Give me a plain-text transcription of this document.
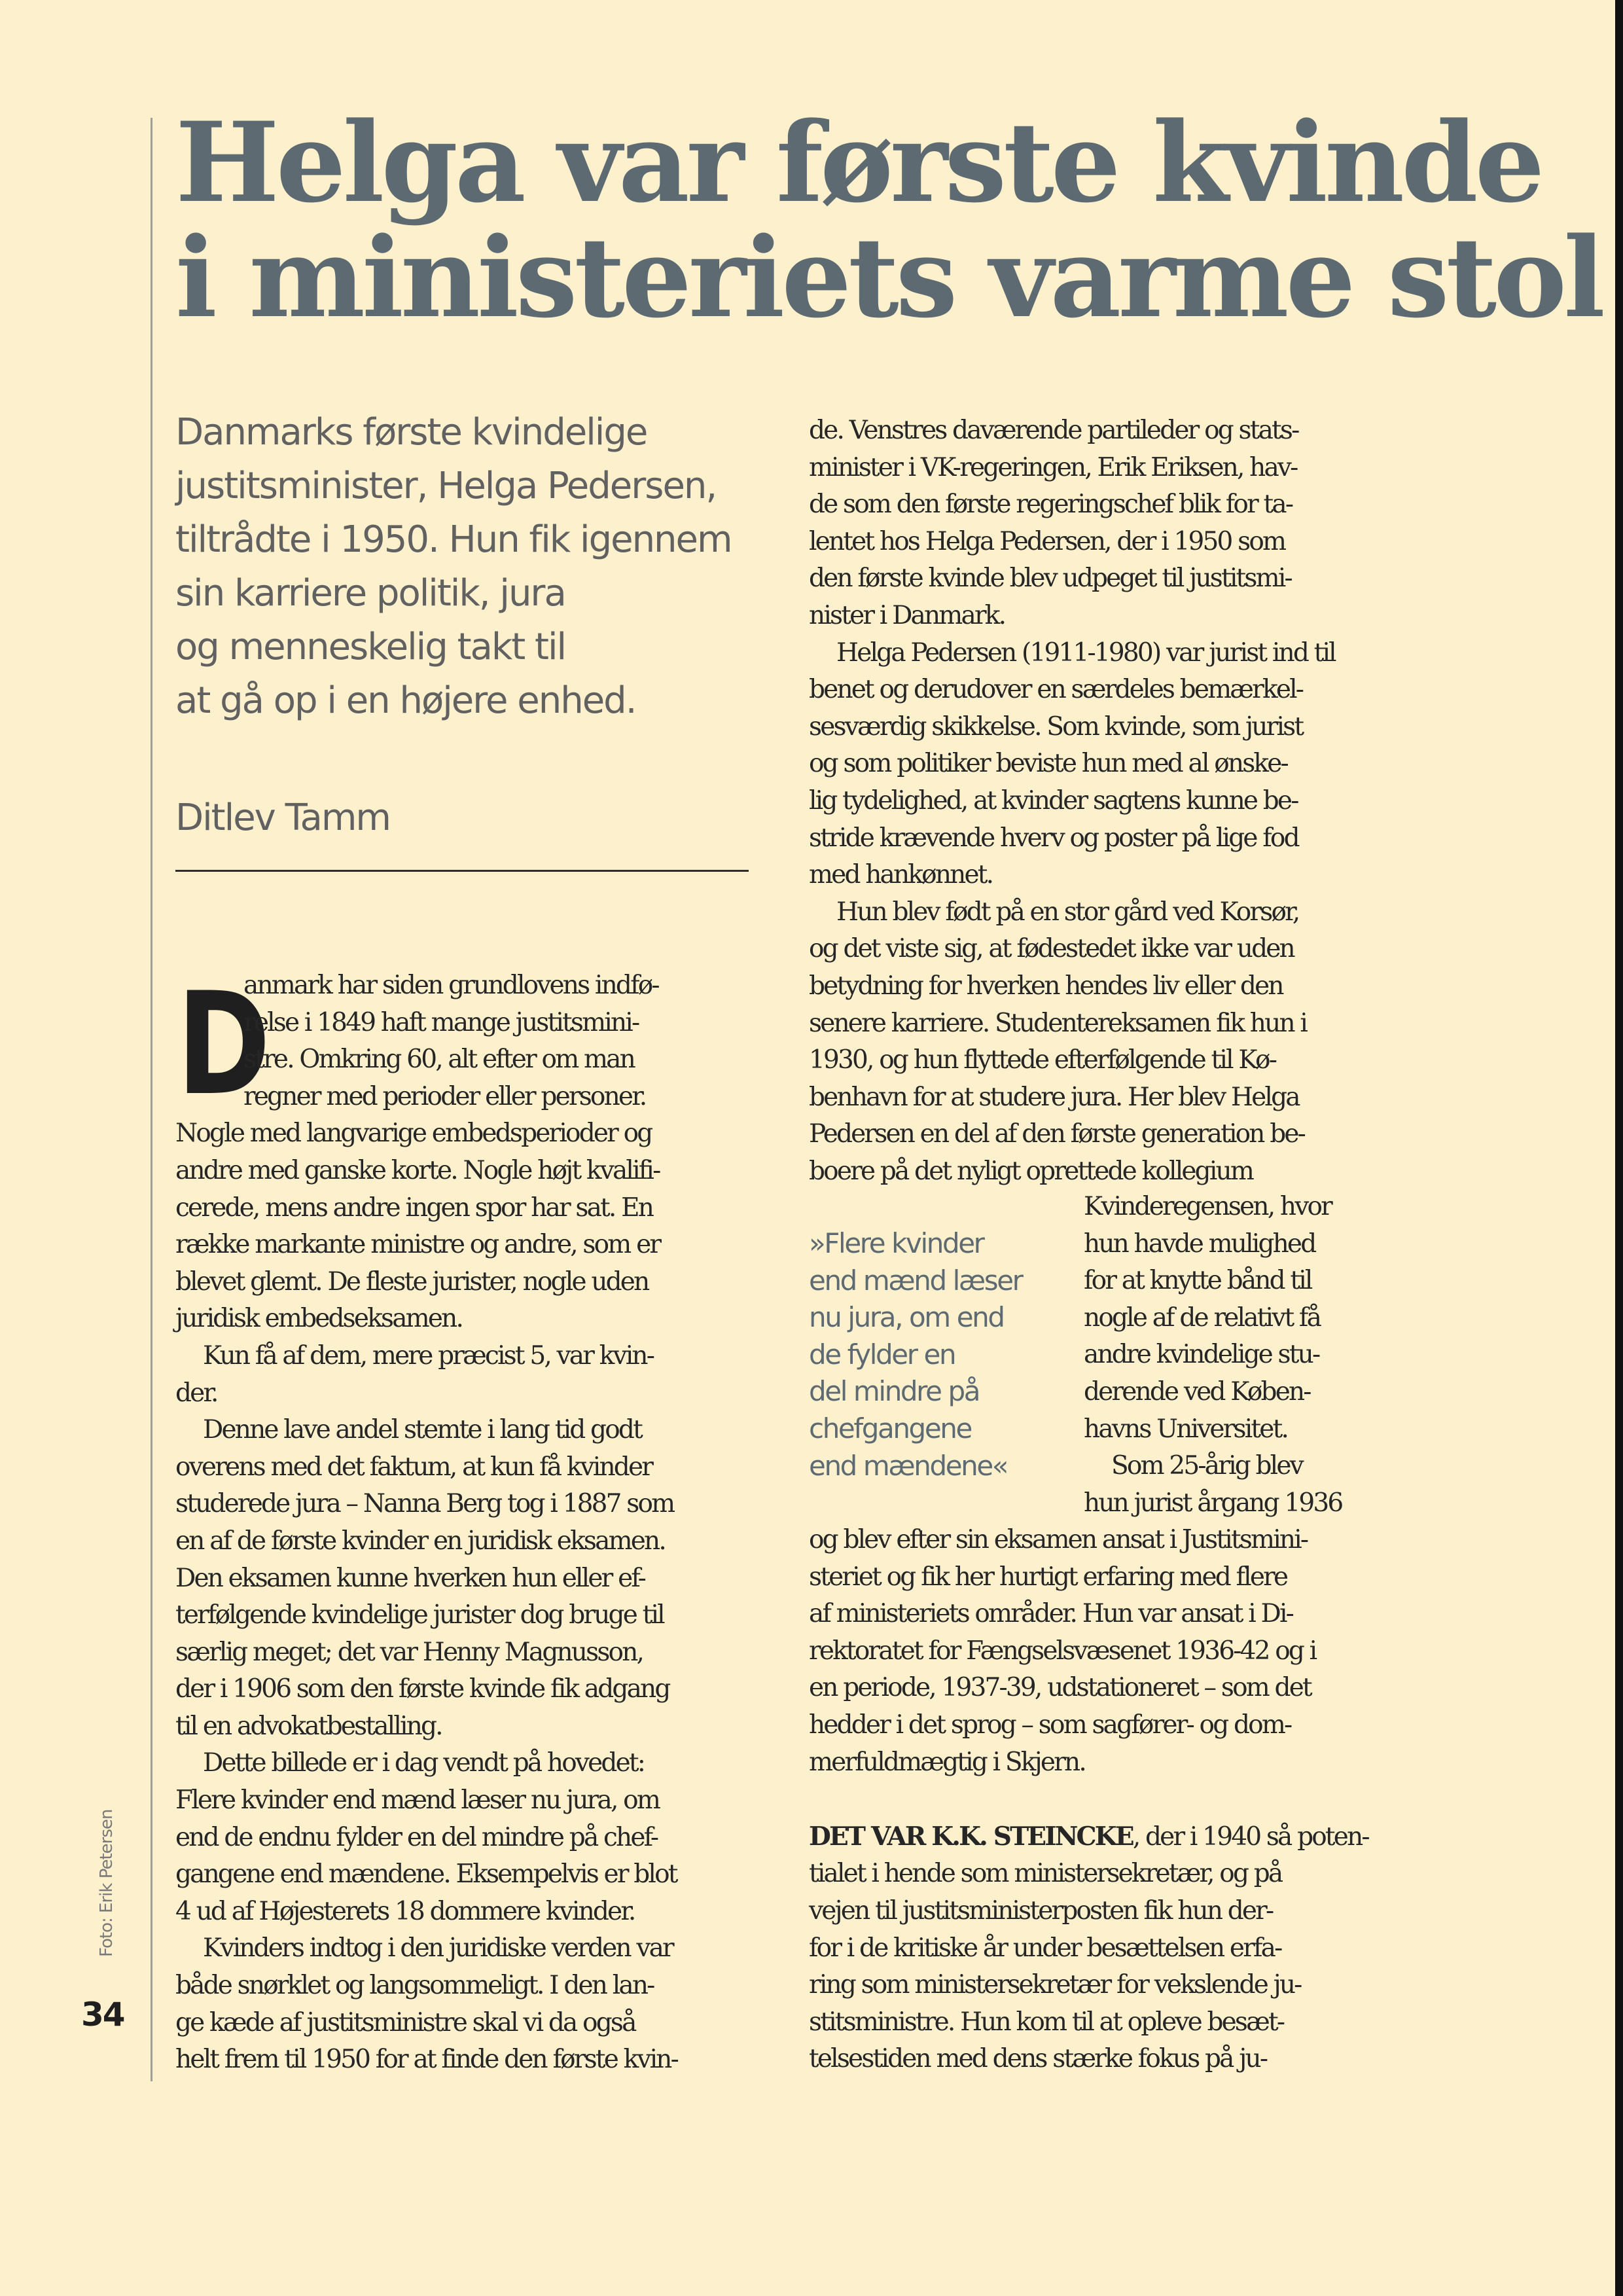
Helga var første kvinde
i ministeriets varme stol
Danmarks første kvindelige
justitsminister, Helga Pedersen,
tiltrådte i 1950. Hun fik igennem
sin karriere politik, jura
og menneskelig takt til
at gå op i en højere enhed.
Ditlev Tamm
D
anmark har siden grundlovens indfø-
relse i 1849 haft mange justitsmini-
stre. Omkring 60, alt efter om man
regner med perioder eller personer.
Nogle med langvarige embedsperioder og
andre med ganske korte. Nogle højt kvalifi-
cerede, mens andre ingen spor har sat. En
række markante ministre og andre, som er
blevet glemt. De fleste jurister, nogle uden
juridisk embedseksamen.
Kun få af dem, mere præcist 5, var kvin-
der.
Denne lave andel stemte i lang tid godt
overens med det faktum, at kun få kvinder
studerede jura – Nanna Berg tog i 1887 som
en af de første kvinder en juridisk eksamen.
Den eksamen kunne hverken hun eller ef-
terfølgende kvindelige jurister dog bruge til
særlig meget; det var Henny Magnusson,
der i 1906 som den første kvinde fik adgang
til en advokatbestalling.
Dette billede er i dag vendt på hovedet:
Flere kvinder end mænd læser nu jura, om
end de endnu fylder en del mindre på chef-
gangene end mændene. Eksempelvis er blot
4 ud af Højesterets 18 dommere kvinder.
Kvinders indtog i den juridiske verden var
både snørklet og langsommeligt. I den lan-
ge kæde af justitsministre skal vi da også
helt frem til 1950 for at finde den første kvin-
de. Venstres daværende partileder og stats-
minister i VK-regeringen, Erik Eriksen, hav-
de som den første regeringschef blik for ta-
lentet hos Helga Pedersen, der i 1950 som
den første kvinde blev udpeget til justitsmi-
nister i Danmark.
Helga Pedersen (1911-1980) var jurist ind til
benet og derudover en særdeles bemærkel-
sesværdig skikkelse. Som kvinde, som jurist
og som politiker beviste hun med al ønske-
lig tydelighed, at kvinder sagtens kunne be-
stride krævende hverv og poster på lige fod
med hankønnet.
Hun blev født på en stor gård ved Korsør,
og det viste sig, at fødestedet ikke var uden
betydning for hverken hendes liv eller den
senere karriere. Studentereksamen fik hun i
1930, og hun flyttede efterfølgende til Kø-
benhavn for at studere jura. Her blev Helga
Pedersen en del af den første generation be-
boere på det nyligt oprettede kollegium
»Flere kvinder
end mænd læser
nu jura, om end
de fylder en
del mindre på
chefgangene
end mændene«
Kvinderegensen, hvor
hun havde mulighed
for at knytte bånd til
nogle af de relativt få
andre kvindelige stu-
derende ved Køben-
havns Universitet.
Som 25-årig blev
hun jurist årgang 1936
og blev efter sin eksamen ansat i Justitsmini-
steriet og fik her hurtigt erfaring med flere
af ministeriets områder. Hun var ansat i Di-
rektoratet for Fængselsvæsenet 1936-42 og i
en periode, 1937-39, udstationeret – som det
hedder i det sprog – som sagfører- og dom-
merfuldmægtig i Skjern.
DET VAR K.K. STEINCKE, der i 1940 så poten-
tialet i hende som ministersekretær, og på
vejen til justitsministerposten fik hun der-
for i de kritiske år under besættelsen erfa-
ring som ministersekretær for vekslende ju-
stitsministre. Hun kom til at opleve besæt-
telsestiden med dens stærke fokus på ju-
Foto: Erik Petersen
34
